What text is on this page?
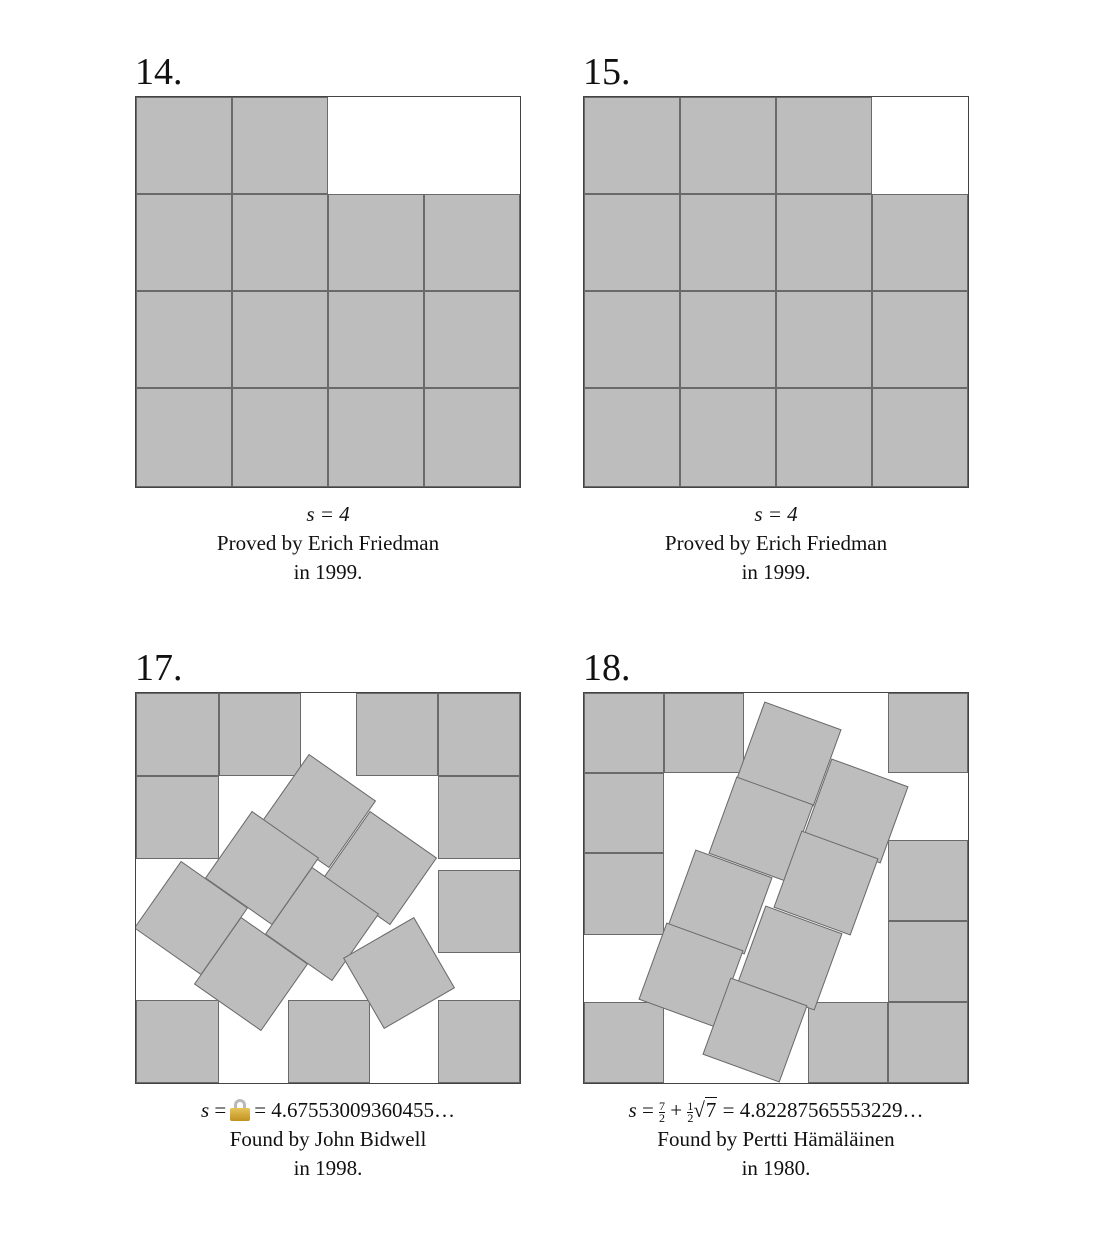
14.
s = 4
Proved by Erich Friedman
in 1999.
15.
s = 4
Proved by Erich Friedman
in 1999.
17.
s = = 4.67553009360455…
Found by John Bidwell
in 1998.
18.
$s = \frac{7}{2} + \frac{1}{2} √7$ = 4.82287565553229…
Found by Pertti Hämäläinen
in 1980.
